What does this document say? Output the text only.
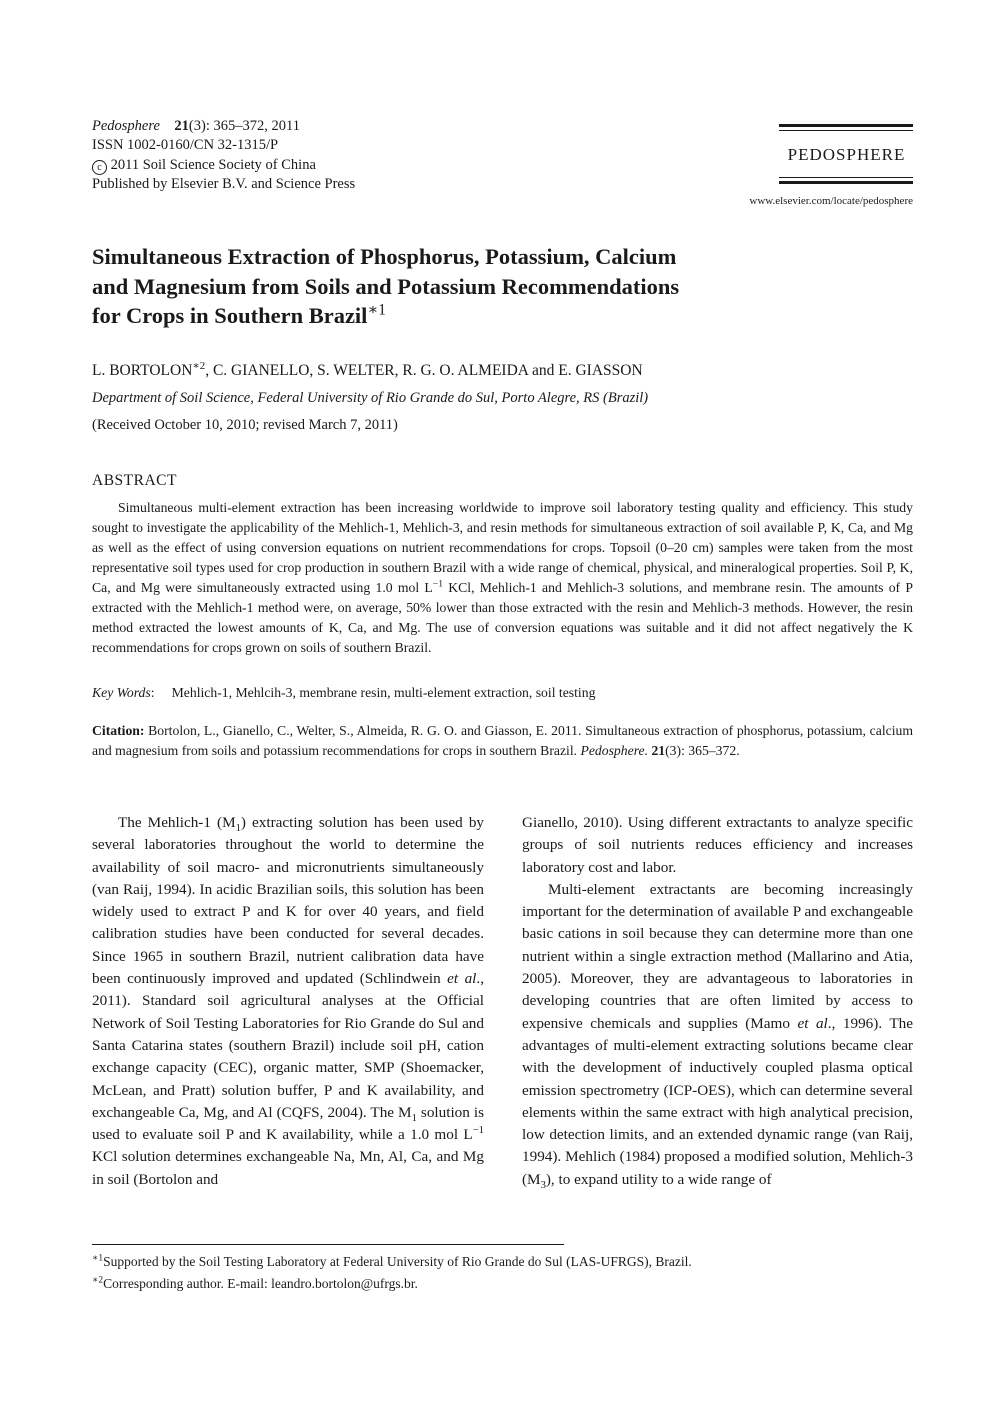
Pedosphere 21(3): 365–372, 2011
ISSN 1002-0160/CN 32-1315/P
c 2011 Soil Science Society of China
Published by Elsevier B.V. and Science Press
PEDOSPHERE
www.elsevier.com/locate/pedosphere
Simultaneous Extraction of Phosphorus, Potassium, Calcium
and Magnesium from Soils and Potassium Recommendations
for Crops in Southern Brazil$^{∗1}$
L. $BORTOLON^{∗2}$, C. GIANELLO, S. WELTER, R. G. O. ALMEIDA and E. GIASSON
Department of Soil Science, Federal University of Rio Grande do Sul, Porto Alegre, RS (Brazil)
(Received October 10, 2010; revised March 7, 2011)
ABSTRACT
Simultaneous multi-element extraction has been increasing worldwide to improve soil laboratory testing quality and efficiency. This study sought to investigate the applicability of the Mehlich-1, Mehlich-3, and resin methods for simultaneous extraction of soil available P, K, Ca, and Mg as well as the effect of using conversion equations on nutrient recommendations for crops. Topsoil (0–20 cm) samples were taken from the most representative soil types used for crop production in southern Brazil with a wide range of chemical, physical, and mineralogical properties. Soil P, K, Ca, and Mg were simultaneously extracted using 1.0 mol $L^{-1}$ KCl, Mehlich-1 and Mehlich-3 solutions, and membrane resin. The amounts of P extracted with the Mehlich-1 method were, on average, 50% lower than those extracted with the resin and Mehlich-3 methods. However, the resin method extracted the lowest amounts of K, Ca, and Mg. The use of conversion equations was suitable and it did not affect negatively the K recommendations for crops grown on soils of southern Brazil.
Key Words: Mehlich-1, Mehlcih-3, membrane resin, multi-element extraction, soil testing
Citation: Bortolon, L., Gianello, C., Welter, S., Almeida, R. G. O. and Giasson, E. 2011. Simultaneous extraction of phosphorus, potassium, calcium and magnesium from soils and potassium recommendations for crops in southern Brazil. Pedosphere. 21(3): 365–372.

The Mehlich-1 $(M_1)$ extracting solution has been used by several laboratories throughout the world to determine the availability of soil macro- and micronutrients simultaneously (van Raij, 1994). In acidic Brazilian soils, this solution has been widely used to extract P and K for over 40 years, and field calibration studies have been conducted for several decades. Since 1965 in southern Brazil, nutrient calibration data have been continuously improved and updated (Schlindwein et al., 2011). Standard soil agricultural analyses at the Official Network of Soil Testing Laboratories for Rio Grande do Sul and Santa Catarina states (southern Brazil) include soil pH, cation exchange capacity (CEC), organic matter, SMP (Shoemacker, McLean, and Pratt) solution buffer, P and K availability, and exchangeable Ca, Mg, and Al (CQFS, 2004). The $M_1$ solution is used to evaluate soil P and K availability, while a 1.0 mol $L^{-1}$ KCl solution determines exchangeable Na, Mn, Al, Ca, and Mg in soil (Bortolon and

Gianello, 2010). Using different extractants to analyze specific groups of soil nutrients reduces efficiency and increases laboratory cost and labor.

Multi-element extractants are becoming increasingly important for the determination of available P and exchangeable basic cations in soil because they can determine more than one nutrient within a single extraction method (Mallarino and Atia, 2005). Moreover, they are advantageous to laboratories in developing countries that are often limited by access to expensive chemicals and supplies (Mamo et al., 1996). The advantages of multi-element extracting solutions became clear with the development of inductively coupled plasma optical emission spectrometry (ICP-OES), which can determine several elements within the same extract with high analytical precision, low detection limits, and an extended dynamic range (van Raij, 1994). Mehlich (1984) proposed a modified solution, Mehlich-3 $(M_3)$, to expand utility to a wide range of

$^{∗1}$Supported by the Soil Testing Laboratory at Federal University of Rio Grande do Sul (LAS-UFRGS), Brazil.
$^{∗2}$Corresponding author. E-mail: leandro.bortolon@ufrgs.br.
